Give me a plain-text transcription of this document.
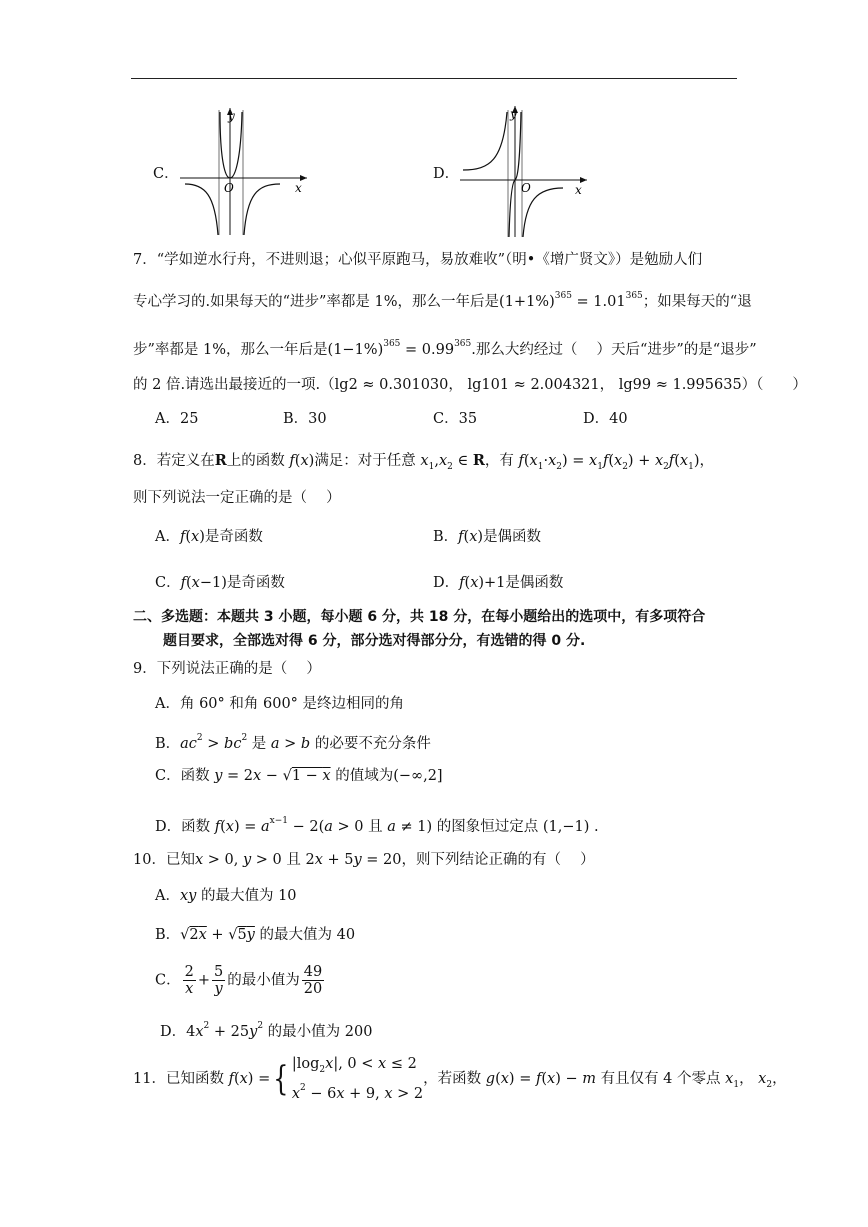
C．
y
x
O
D．
y
x
O
7．“学如逆水行舟，不进则退；心似平原跑马，易放难收”（明•《增广贤文》）是勉励人们
专心学习的.如果每天的“进步”率都是 1%，那么一年后是$(1+1\%)^{365} = 1.01^{365}$；如果每天的“退
步”率都是 1%，那么一年后是$(1-1\%)^{365} = 0.99^{365}$.那么大约经过（　 ）天后“进步”的是“退步”
的 2 倍.请选出最接近的一项.（lg2 ≈ 0.301030， lg101 ≈ 2.004321， lg99 ≈ 1.995635）（　　）
A．25	B．30	C．35	D．40
8．若定义在R上的函数 f(x)满足：对于任意 $x_1,x_2$ ∈ R，有 $f(x_1\cdot x_2) = x_1f(x_2) + x_2f(x_1)$，
则下列说法一定正确的是（　 ）
A．f(x)是奇函数	B．f(x)是偶函数
C．f(x−1)是奇函数	D．f(x)+1是偶函数
二、多选题：本题共 3 小题，每小题 6 分，共 18 分，在每小题给出的选项中，有多项符合
题目要求，全部选对得 6 分，部分选对得部分分，有选错的得 0 分.
9．下列说法正确的是（　 ）
A．角 60° 和角 600° 是终边相同的角
B．$ac^2 > bc^2$ 是 a > b 的必要不充分条件
C．函数 y = 2x − √1 − x 的值域为(−∞,2]
D．函数 $f(x) = a^{x-1} - 2(a > 0$ 且 a ≠ 1) 的图象恒过定点 (1,−1) .
10．已知x > 0, y > 0 且 2x + 5y = 20，则下列结论正确的有（　 ）
A．xy 的最大值为 10
B．√2x + √5y 的最大值为 40
C． $\frac{2}{x} + \frac{5}{y}$ 的最小值为 $\frac{49}{20}$
D．$4x^2 + 25y^2$ 的最小值为 200
11．已知函数 f(x) ={ $|\log_2x|$, 0 < x ≤ 2
$x^2 - 6x + 9$, x > 2，若函数 g(x) = f(x) − m 有且仅有 4 个零点 $x_1$， $x_2$，
